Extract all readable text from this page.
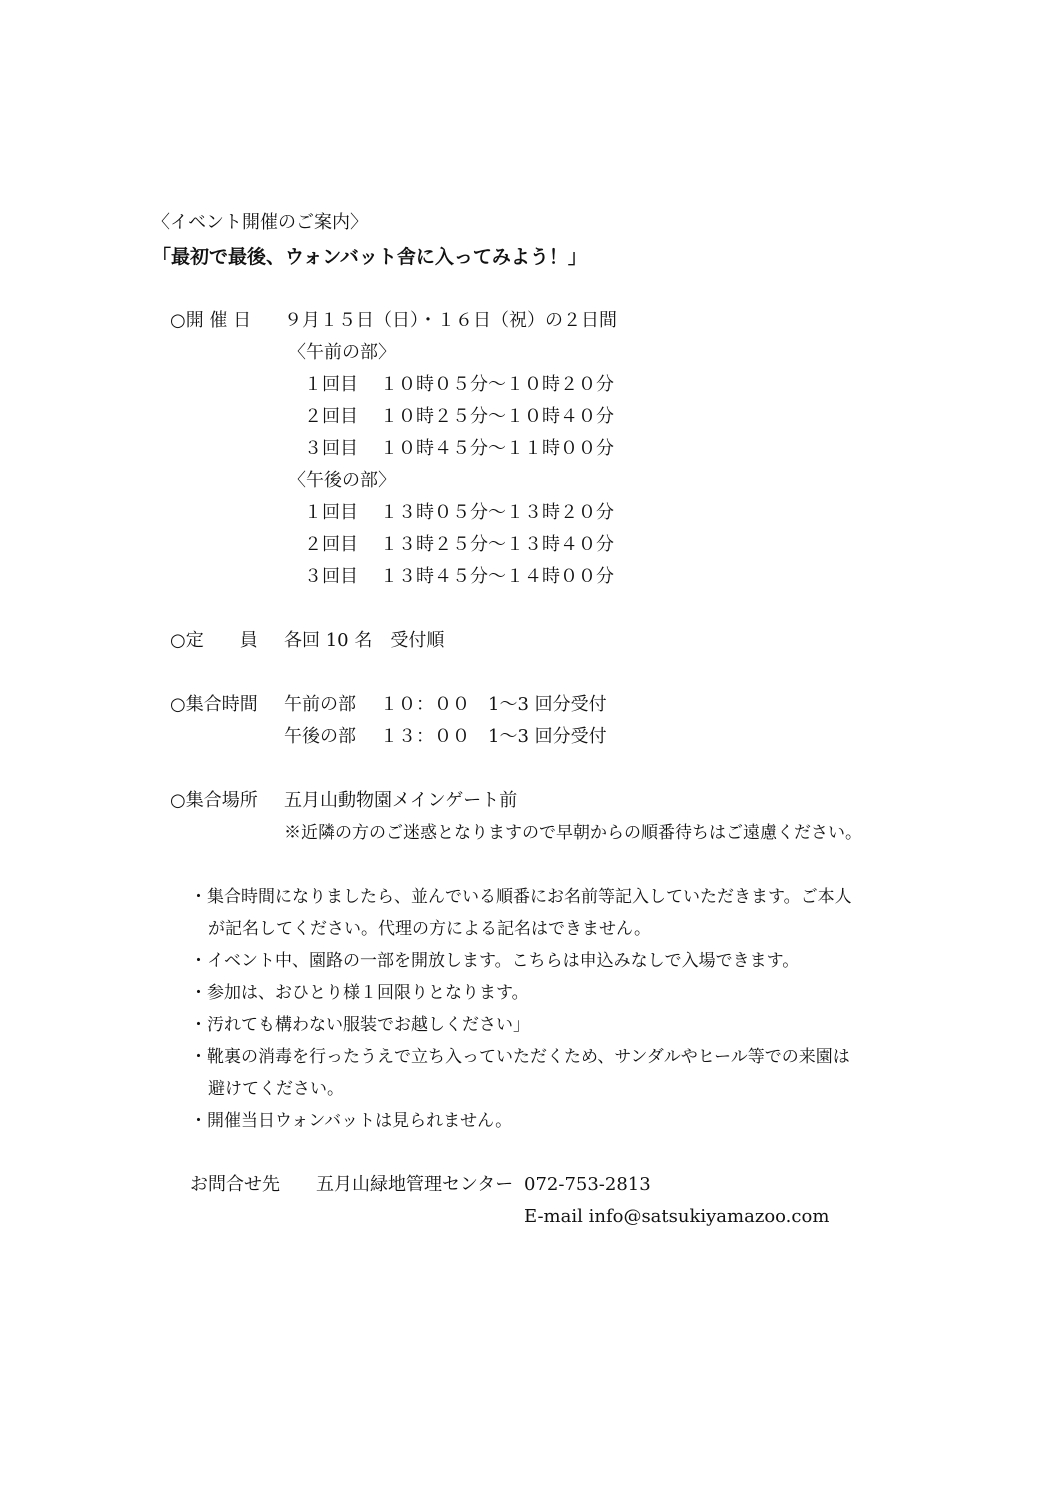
〈イベント開催のご案内〉
「最初で最後、ウォンバット舎に入ってみよう！」
○開 催 日 ９月１５日（日）・１６日（祝）の２日間
〈午前の部〉
１回目 １０時０５分〜１０時２０分
２回目 １０時２５分〜１０時４０分
３回目 １０時４５分〜１１時００分
〈午後の部〉
１回目 １３時０５分〜１３時２０分
２回目 １３時２５分〜１３時４０分
３回目 １３時４５分〜１４時００分
○定　　員 各回 10 名　受付順
○集合時間 午前の部 １０：００ 1〜3 回分受付
午後の部 １３：００ 1〜3 回分受付
○集合場所 五月山動物園メインゲート前
※近隣の方のご迷惑となりますので早朝からの順番待ちはご遠慮ください。
・集合時間になりましたら、並んでいる順番にお名前等記入していただきます。ご本人
が記名してください。代理の方による記名はできません。
・イベント中、園路の一部を開放します。こちらは申込みなしで入場できます。
・参加は、おひとり様１回限りとなります。
・汚れても構わない服装でお越しください」
・靴裏の消毒を行ったうえで立ち入っていただくため、サンダルやヒール等での来園は
避けてください。
・開催当日ウォンバットは見られません。
お問合せ先 五月山緑地管理センター 072-753-2813
E-mail info@satsukiyamazoo.com
